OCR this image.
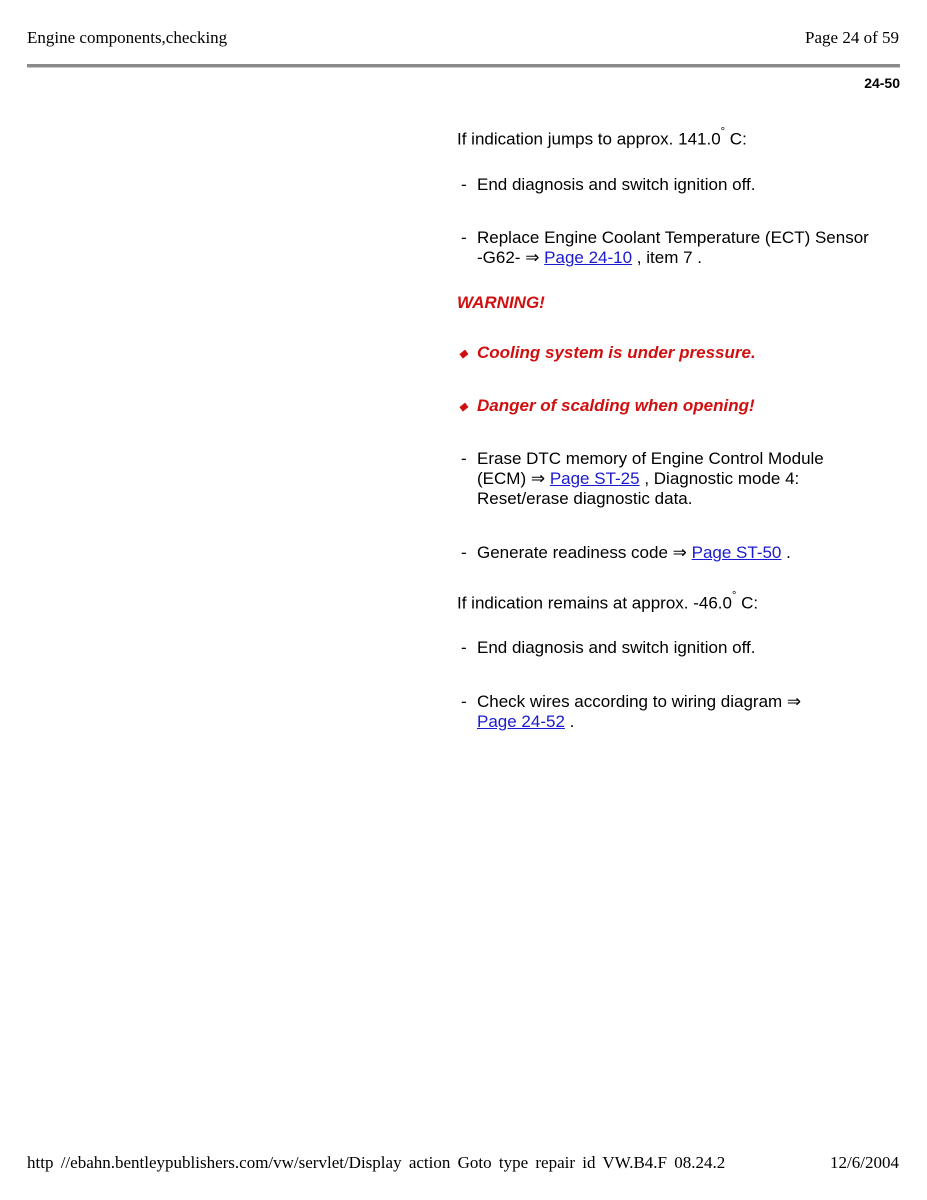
Engine components,checking	Page 24 of 59
24-50
If indication jumps to approx. 141.0° C:
- End diagnosis and switch ignition off.
- Replace Engine Coolant Temperature (ECT) Sensor -G62- ⇒ Page 24-10 , item 7 .
WARNING!
◆ Cooling system is under pressure.
◆ Danger of scalding when opening!
- Erase DTC memory of Engine Control Module (ECM) ⇒ Page ST-25 , Diagnostic mode 4: Reset/erase diagnostic data.
- Generate readiness code ⇒ Page ST-50 .
If indication remains at approx. -46.0° C:
- End diagnosis and switch ignition off.
- Check wires according to wiring diagram ⇒
Page 24-52 .
http //ebahn.bentleypublishers.com/vw/servlet/Display action Goto type repair id VW.B4.F 08.24.2	12/6/2004
